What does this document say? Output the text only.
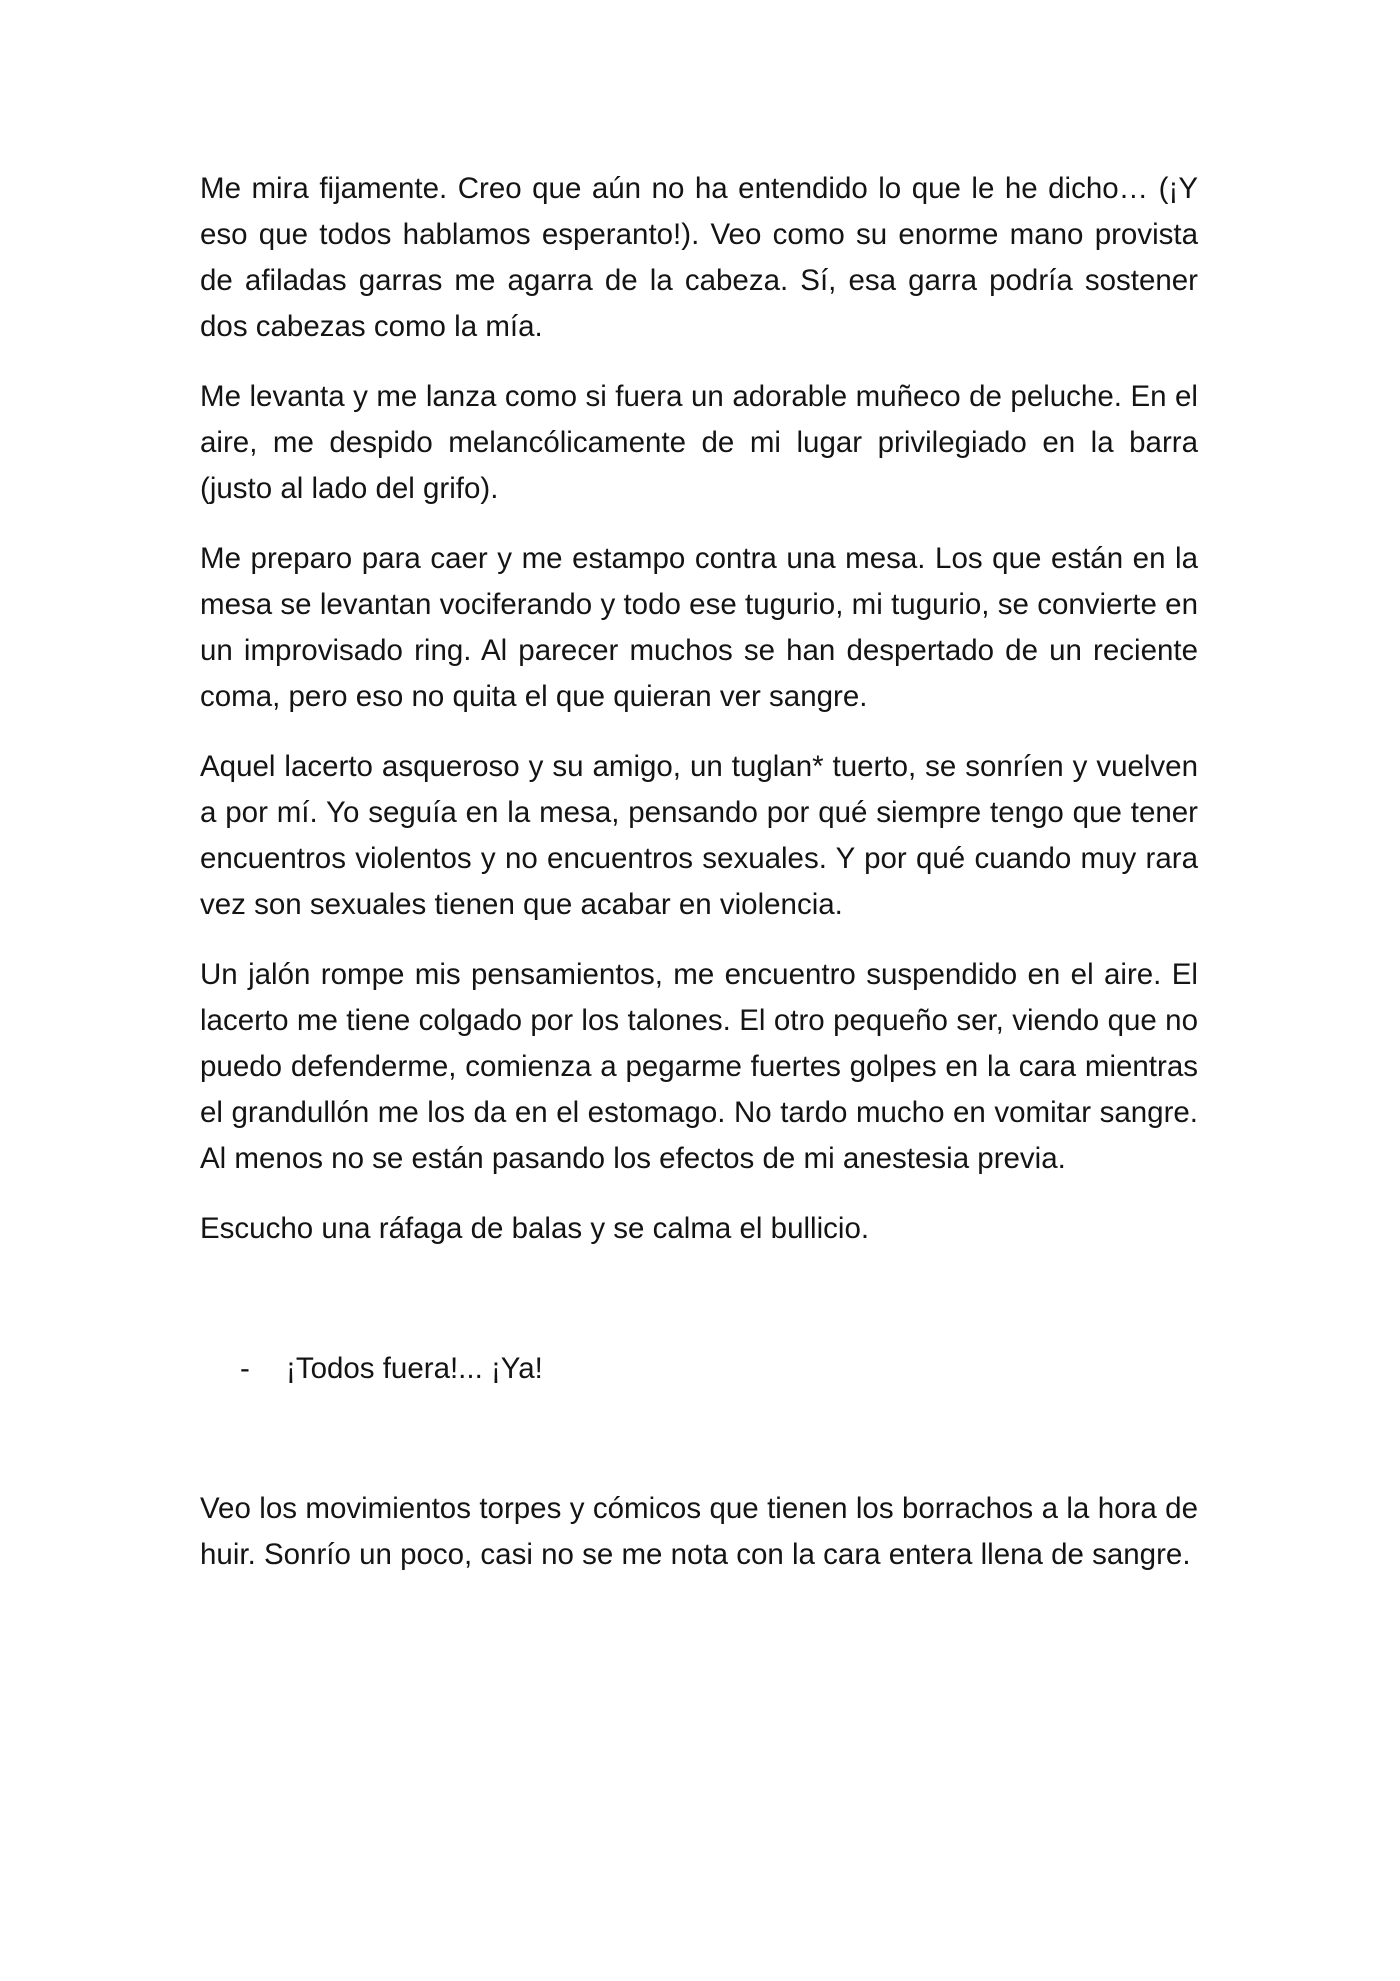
Me mira fijamente. Creo que aún no ha entendido lo que le he dicho… (¡Y eso que todos hablamos esperanto!). Veo como su enorme mano provista de afiladas garras me agarra de la cabeza. Sí, esa garra podría sostener dos cabezas como la mía.

Me levanta y me lanza como si fuera un adorable muñeco de peluche. En el aire, me despido melancólicamente de mi lugar privilegiado en la barra (justo al lado del grifo).

Me preparo para caer y me estampo contra una mesa. Los que están en la mesa se levantan vociferando y todo ese tugurio, mi tugurio, se convierte en un improvisado ring. Al parecer muchos se han despertado de un reciente coma, pero eso no quita el que quieran ver sangre.

Aquel lacerto asqueroso y su amigo, un tuglan* tuerto, se sonríen y vuelven a por mí. Yo seguía en la mesa, pensando por qué siempre tengo que tener encuentros violentos y no encuentros sexuales. Y por qué cuando muy rara vez son sexuales tienen que acabar en violencia.

Un jalón rompe mis pensamientos, me encuentro suspendido en el aire. El lacerto me tiene colgado por los talones. El otro pequeño ser, viendo que no puedo defenderme, comienza a pegarme fuertes golpes en la cara mientras el grandullón me los da en el estomago. No tardo mucho en vomitar sangre. Al menos no se están pasando los efectos de mi anestesia previa.

Escucho una ráfaga de balas y se calma el bullicio.

- ¡Todos fuera!... ¡Ya!

Veo los movimientos torpes y cómicos que tienen los borrachos a la hora de huir. Sonrío un poco, casi no se me nota con la cara entera llena de sangre.
